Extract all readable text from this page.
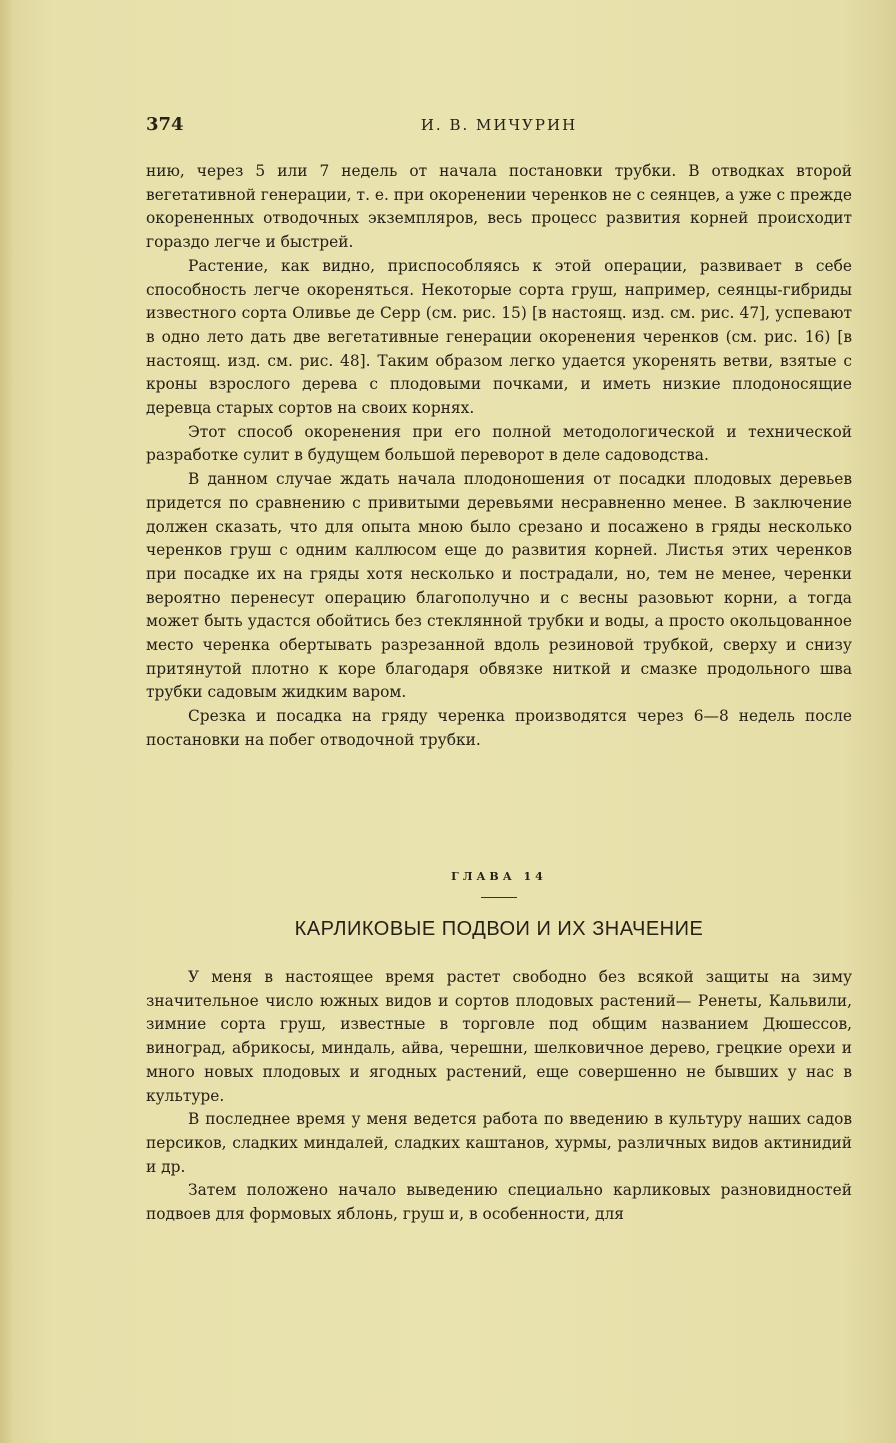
374	И. В. МИЧУРИН

нию, через 5 или 7 недель от начала постановки трубки. В отводках второй вегетативной генерации, т. е. при окоренении черенков не с сеянцев, а уже с прежде окорененных отводочных экземпляров, весь процесс развития корней происходит гораздо легче и быстрей.

Растение, как видно, приспособляясь к этой операции, развивает в себе способность легче окореняться. Некоторые сорта груш, например, сеянцы-гибриды известного сорта Оливье де Серр (см. рис. 15) [в настоящ. изд. см. рис. 47], успевают в одно лето дать две вегетативные генерации окоренения черенков (см. рис. 16) [в настоящ. изд. см. рис. 48]. Таким образом легко удается укоренять ветви, взятые с кроны взрослого дерева с плодовыми почками, и иметь низкие плодоносящие деревца старых сортов на своих корнях.

Этот способ окоренения при его полной методологической и технической разработке сулит в будущем большой переворот в деле садоводства.

В данном случае ждать начала плодоношения от посадки плодовых деревьев придется по сравнению с привитыми деревьями несравненно менее. В заключение должен сказать, что для опыта мною было срезано и посажено в гряды несколько черенков груш с одним каллюсом еще до развития корней. Листья этих черенков при посадке их на гряды хотя несколько и пострадали, но, тем не менее, черенки вероятно перенесут операцию благополучно и с весны разовьют корни, а тогда может быть удастся обойтись без стеклянной трубки и воды, а просто окольцованное место черенка обертывать разрезанной вдоль резиновой трубкой, сверху и снизу притянутой плотно к коре благодаря обвязке ниткой и смазке продольного шва трубки садовым жидким варом.

Срезка и посадка на гряду черенка производятся через 6—8 недель после постановки на побег отводочной трубки.

ГЛАВА 14
КАРЛИКОВЫЕ ПОДВОИ И ИХ ЗНАЧЕНИЕ

У меня в настоящее время растет свободно без всякой защиты на зиму значительное число южных видов и сортов плодовых растений— Ренеты, Кальвили, зимние сорта груш, известные в торговле под общим названием Дюшессов, виноград, абрикосы, миндаль, айва, черешни, шелковичное дерево, грецкие орехи и много новых плодовых и ягодных растений, еще совершенно не бывших у нас в культуре.

В последнее время у меня ведется работа по введению в культуру наших садов персиков, сладких миндалей, сладких каштанов, хурмы, различных видов актинидий и др.

Затем положено начало выведению специально карликовых разновидностей подвоев для формовых яблонь, груш и, в особенности, для
